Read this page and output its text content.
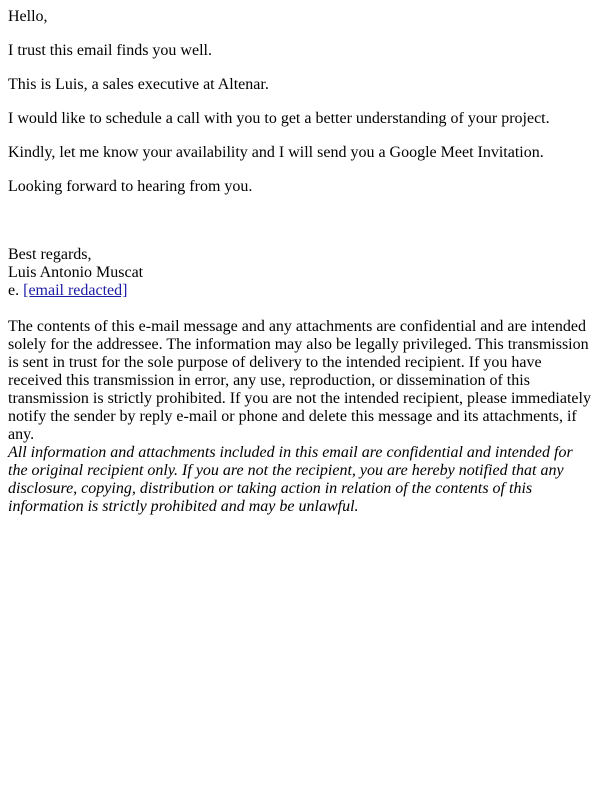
Hello,

I trust this email finds you well.

This is Luis, a sales executive at Altenar.

I would like to schedule a call with you to get a better understanding of your project.

Kindly, let me know your availability and I will send you a Google Meet Invitation.

Looking forward to hearing from you.

Best regards,
Luis Antonio Muscat
e. [email redacted]

The contents of this e-mail message and any attachments are confidential and are intended solely for the addressee. The information may also be legally privileged. This transmission is sent in trust for the sole purpose of delivery to the intended recipient. If you have received this transmission in error, any use, reproduction, or dissemination of this transmission is strictly prohibited. If you are not the intended recipient, please immediately notify the sender by reply e-mail or phone and delete this message and its attachments, if any.

All information and attachments included in this email are confidential and intended for the original recipient only. If you are not the recipient, you are hereby notified that any disclosure, copying, distribution or taking action in relation of the contents of this information is strictly prohibited and may be unlawful.
